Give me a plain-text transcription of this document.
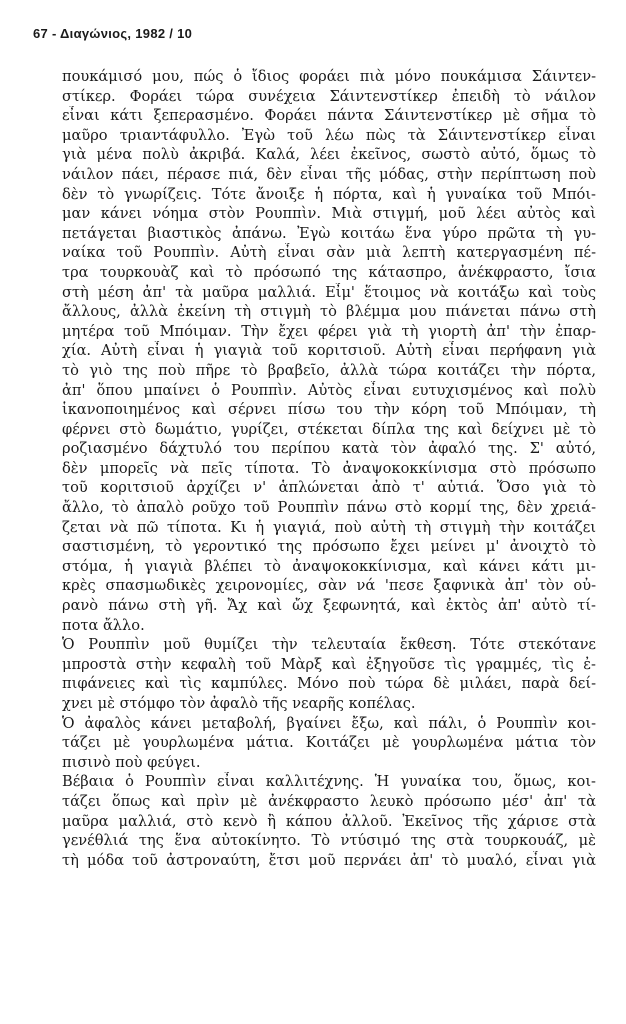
67 - Διαγώνιος, 1982 / 10
πουκάμισό μου, πώς ὁ ἴδιος φοράει πιὰ μόνο πουκάμισα Σάιντεν-
στίκερ. Φοράει τώρα συνέχεια Σάιντενστίκερ ἐπειδὴ τὸ νάιλον
εἶναι κάτι ξεπερασμένο. Φοράει πάντα Σάιντενστίκερ μὲ σῆμα τὸ
μαῦρο τριαντάφυλλο. Ἐγὼ τοῦ λέω πὼς τὰ Σάιντενστίκερ εἶναι
γιὰ μένα πολὺ ἀκριβά. Καλά, λέει ἐκεῖνος, σωστὸ αὐτό, ὅμως τὸ
νάιλον πάει, πέρασε πιά, δὲν εἶναι τῆς μόδας, στὴν περίπτωση ποὺ
δὲν τὸ γνωρίζεις. Τότε ἄνοιξε ἡ πόρτα, καὶ ἡ γυναίκα τοῦ Μπόι-
μαν κάνει νόημα στὸν Ρουππὶν. Μιὰ στιγμή, μοῦ λέει αὐτὸς καὶ
πετάγεται βιαστικὸς ἀπάνω. Ἐγὼ κοιτάω ἕνα γύρο πρῶτα τὴ γυ-
ναίκα τοῦ Ρουππὶν. Αὐτὴ εἶναι σὰν μιὰ λεπτὴ κατεργασμένη πέ-
τρα τουρκουὰζ καὶ τὸ πρόσωπό της κάτασπρο, ἀνέκφραστο, ἴσια
στὴ μέση ἀπ' τὰ μαῦρα μαλλιά. Εἶμ' ἕτοιμος νὰ κοιτάξω καὶ τοὺς
ἄλλους, ἀλλὰ ἐκείνη τὴ στιγμὴ τὸ βλέμμα μου πιάνεται πάνω στὴ
μητέρα τοῦ Μπόιμαν. Τὴν ἔχει φέρει γιὰ τὴ γιορτὴ ἀπ' τὴν ἐπαρ-
χία. Αὐτὴ εἶναι ἡ γιαγιὰ τοῦ κοριτσιοῦ. Αὐτὴ εἶναι περήφανη γιὰ
τὸ γιὸ της ποὺ πῆρε τὸ βραβεῖο, ἀλλὰ τώρα κοιτάζει τὴν πόρτα,
ἀπ' ὅπου μπαίνει ὁ Ρουππὶν. Αὐτὸς εἶναι ευτυχισμένος καὶ πολὺ
ἱκανοποιημένος καὶ σέρνει πίσω του τὴν κόρη τοῦ Μπόιμαν, τὴ
φέρνει στὸ δωμάτιο, γυρίζει, στέκεται δίπλα της καὶ δείχνει μὲ τὸ
ροζιασμένο δάχτυλό του περίπου κατὰ τὸν ἀφαλό της. Σ' αὐτό,
δὲν μπορεῖς νὰ πεῖς τίποτα. Τὸ ἀναψοκοκκίνισμα στὸ πρόσωπο
τοῦ κοριτσιοῦ ἀρχίζει ν' ἁπλώνεται ἀπὸ τ' αὐτιά. Ὅσο γιὰ τὸ
ἄλλο, τὸ ἀπαλὸ ροῦχο τοῦ Ρουππὶν πάνω στὸ κορμί της, δὲν χρειά-
ζεται νὰ πῶ τίποτα. Κι ἡ γιαγιά, ποὺ αὐτὴ τὴ στιγμὴ τὴν κοιτάζει
σαστισμένη, τὸ γεροντικό της πρόσωπο ἔχει μείνει μ' ἀνοιχτὸ τὸ
στόμα, ἡ γιαγιὰ βλέπει τὸ ἀναψοκοκκίνισμα, καὶ κάνει κάτι μι-
κρὲς σπασμωδικὲς χειρονομίες, σὰν νά 'πεσε ξαφνικὰ ἀπ' τὸν οὐ-
ρανὸ πάνω στὴ γῆ. Ἄχ καὶ ὤχ ξεφωνητά, καὶ ἐκτὸς ἀπ' αὐτὸ τί-
ποτα ἄλλο.
Ὁ Ρουππὶν μοῦ θυμίζει τὴν τελευταία ἔκθεση. Τότε στεκότανε
μπροστὰ στὴν κεφαλὴ τοῦ Μὰρξ καὶ ἐξηγοῦσε τὶς γραμμές, τὶς ἐ-
πιφάνειες καὶ τὶς καμπύλες. Μόνο ποὺ τώρα δὲ μιλάει, παρὰ δεί-
χνει μὲ στόμφο τὸν ἀφαλὸ τῆς νεαρῆς κοπέλας.
Ὁ ἀφαλὸς κάνει μεταβολή, βγαίνει ἔξω, καὶ πάλι, ὁ Ρουππὶν κοι-
τάζει μὲ γουρλωμένα μάτια. Κοιτάζει μὲ γουρλωμένα μάτια τὸν
πισινὸ ποὺ φεύγει.
Βέβαια ὁ Ρουππὶν εἶναι καλλιτέχνης. Ἡ γυναίκα του, ὅμως, κοι-
τάζει ὅπως καὶ πρὶν μὲ ἀνέκφραστο λευκὸ πρόσωπο μέσ' ἀπ' τὰ
μαῦρα μαλλιά, στὸ κενὸ ἢ κάπου ἀλλοῦ. Ἐκεῖνος τῆς χάρισε στὰ
γενέθλιά της ἕνα αὐτοκίνητο. Τὸ ντύσιμό της στὰ τουρκουάζ, μὲ
τὴ μόδα τοῦ ἀστροναύτη, ἔτσι μοῦ περνάει ἀπ' τὸ μυαλό, εἶναι γιὰ
